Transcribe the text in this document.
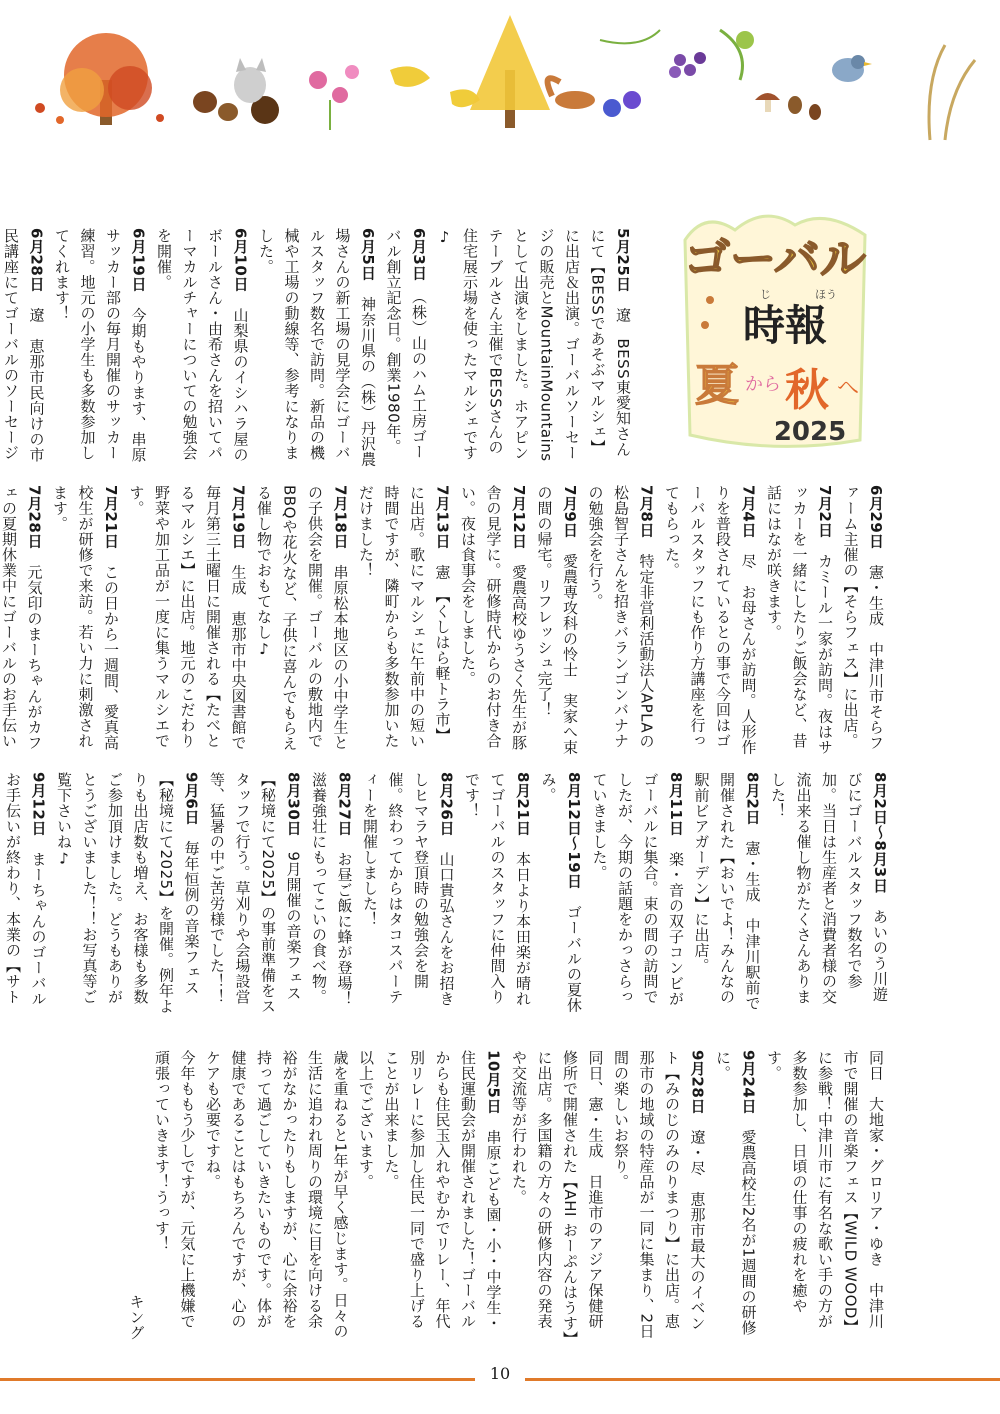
ゴーバル
じ	ほう
時報
夏 から 秋 へ
2025
5月25日　遼　BESS東愛知さんにて【BESSであそぶマルシェ】に出店＆出演。ゴーバルソーセージの販売とMountainMountainsとして出演をしました。ホアピンテーブルさん主催でBESSさんの住宅展示場を使ったマルシェです♪
6月3日　（株）山のハム工房ゴーバル創立記念日。創業1980年。
6月5日　神奈川県の（株）丹沢農場さんの新工場の見学会にゴーバルスタッフ数名で訪問。新品の機械や工場の動線等、参考になりました。
6月10日　山梨県のイシハラ屋のボールさん・由希さんを招いてパーマカルチャーについての勉強会を開催。
6月19日　今期もやります、串原サッカー部の毎月開催のサッカー練習。地元の小学生も多数参加してくれます！
6月28日　遼　恵那市民向けの市民講座にてゴーバルのソーセージ
6月29日　憲・生成　中津川市そらファーム主催の【そらフェス】に出店。
7月2日　カミール一家が訪問。夜はサッカーを一緒にしたりご飯会など、昔話にはなが咲きます。
7月4日　尽　お母さんが訪問。人形作りを普段されているとの事で今回はゴーバルスタッフにも作り方講座を行ってもらった。
7月8日　特定非営利活動法人APLAの松島智子さんを招きバランゴンバナナの勉強会を行う。
7月9日　愛農専攻科の怜士　実家へ束の間の帰宅。リフレッシュ完了！
7月12日　愛農高校ゆうさく先生が豚舎の見学に。研修時代からのお付き合い。夜は食事会をしました。
7月13日　憲　【くしはら軽トラ市】に出店。歌にマルシェに午前中の短い時間ですが、隣町からも多数参加いただけました！
7月18日　串原松本地区の小中学生との子供会を開催。ゴーバルの敷地内でBBQや花火など、子供に喜んでもらえる催し物でおもてなし♪
7月19日　生成　恵那市中央図書館で毎月第三土曜日に開催される【たべとるマルシエ】に出店。地元のこだわり野菜や加工品が一度に集うマルシエです。
7月21日　この日から一週間、愛真高校生が研修で来訪。若い力に刺激されます。
7月28日　元気印のまーちゃんがカフェの夏期休業中にゴーバルのお手伝い
8月2日～8月3日　あいのう川遊びにゴーバルスタッフ数名で参加。当日は生産者と消費者様の交流出来る催し物がたくさんありました！
8月2日　憲・生成　中津川駅前で開催された【おいでよ！みんなの駅前ビアガーデン】に出店。
8月11日　楽・音の双子コンビがゴーバルに集合。束の間の訪問でしたが、今期の話題をかっさらっていきました。
8月12日～19日　ゴーバルの夏休み。
8月21日　本日より本田楽が晴れてゴーバルのスタッフに仲間入りです！
8月26日　山口貴弘さんをお招きしヒマラヤ登頂時の勉強会を開催。終わってからはタコスパーティーを開催しました！
8月27日　お昼ご飯に蜂が登場！滋養強壮にもってこいの食べ物。
8月30日　9月開催の音楽フェス【秘境にて2025】の事前準備をスタッフで行う。草刈りや会場設営等、猛暑の中ご苦労様でした！！
9月6日　毎年恒例の音楽フェス【秘境にて2025】を開催。例年よりも出店数も増え、お客様も多数ご参加頂けました。どうもありがとうございました！！お写真等ご覧下さいね♪
9月12日　まーちゃんのゴーバルお手伝いが終わり、本業の【サト

同日　大地家・グロリア・ゆき　中津川市で開催の音楽フェス【WILD WOOD】に参戦！中津川市に有名な歌い手の方が多数参加し、日頃の仕事の疲れを癒やす。
9月24日　愛農高校生2名が1週間の研修に。
9月28日　遼・尽　恵那市最大のイベント【みのじのみのりまつり】に出店。恵那市の地域の特産品が一同に集まり、2日間の楽しいお祭り。
同日、憲・生成　日進市のアジア保健研修所で開催された【AHI おーぷんはうす】に出店。多国籍の方々の研修内容の発表や交流等が行われた。
10月5日　串原こども園・小・中学生・住民運動会が開催されました！ゴーバルからも住民玉入れやむかでリレー、年代別リレーに参加し住民一同で盛り上げることが出来ました。
以上でございます。
歳を重ねると1年が早く感じます。日々の生活に追われ周りの環境に目を向ける余裕がなかったりもしますが、心に余裕を持って過ごしていきたいものです。体が健康であることはもちろんですが、心のケアも必要ですね。
今年ももう少しですが、元気に上機嫌で頑張っていきます！うっす！
キング
10
